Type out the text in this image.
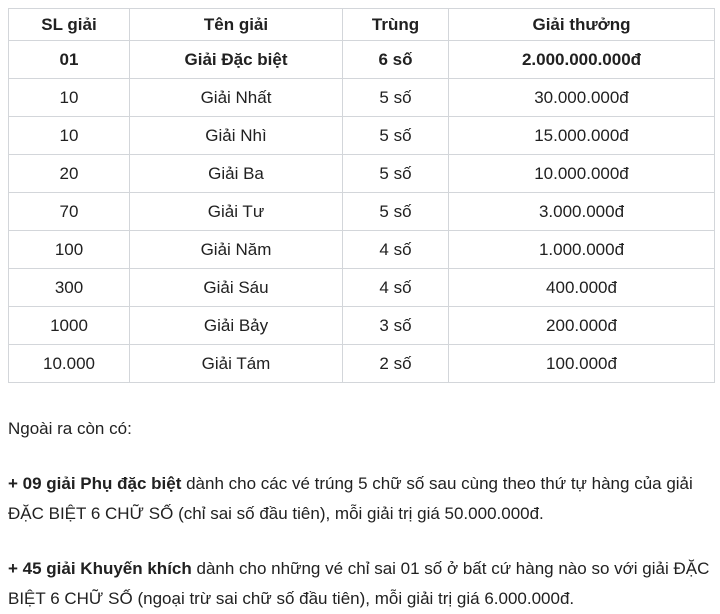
SL giải	Tên giải	Trùng	Giải thưởng
01	Giải Đặc biệt	6 số	2.000.000.000đ
10	Giải Nhất	5 số	30.000.000đ
10	Giải Nhì	5 số	15.000.000đ
20	Giải Ba	5 số	10.000.000đ
70	Giải Tư	5 số	3.000.000đ
100	Giải Năm	4 số	1.000.000đ
300	Giải Sáu	4 số	400.000đ
1000	Giải Bảy	3 số	200.000đ
10.000	Giải Tám	2 số	100.000đ

Ngoài ra còn có:

+ 09 giải Phụ đặc biệt dành cho các vé trúng 5 chữ số sau cùng theo thứ tự hàng của giải ĐẶC BIỆT 6 CHỮ SỐ (chỉ sai số đầu tiên), mỗi giải trị giá 50.000.000đ.

+ 45 giải Khuyến khích dành cho những vé chỉ sai 01 số ở bất cứ hàng nào so với giải ĐẶC BIỆT 6 CHỮ SỐ (ngoại trừ sai chữ số đầu tiên), mỗi giải trị giá 6.000.000đ.
